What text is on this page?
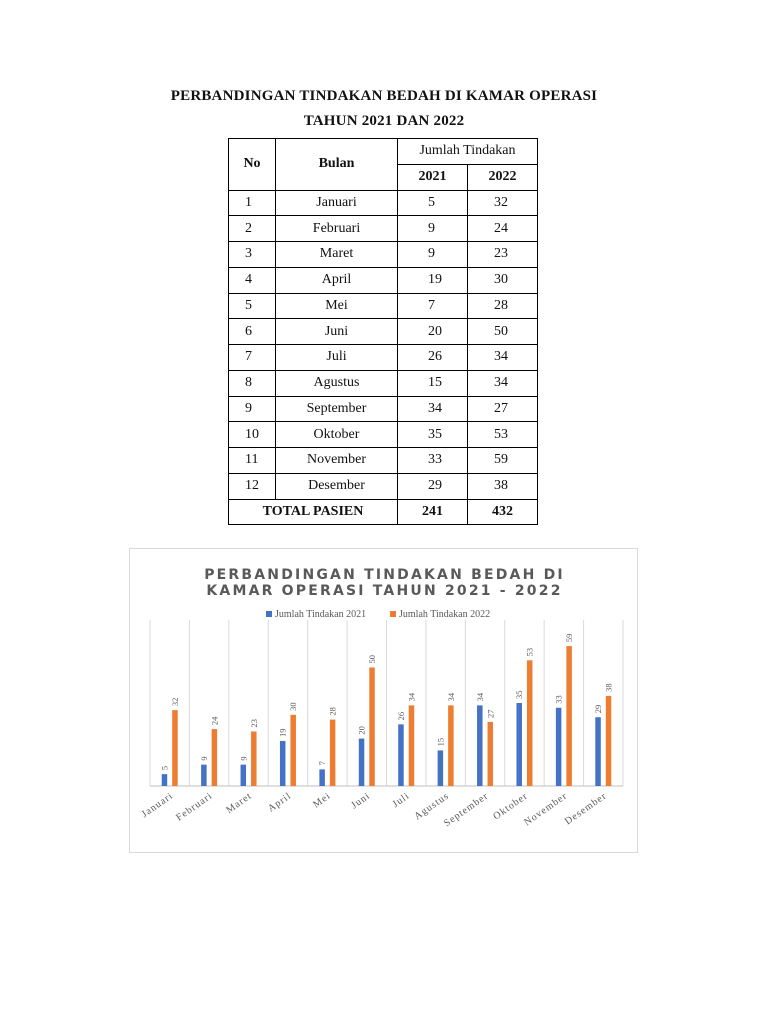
PERBANDINGAN TINDAKAN BEDAH DI KAMAR OPERASI
TAHUN 2021 DAN 2022
No	Bulan	Jumlah Tindakan	
		2021	2022
1	Januari	5	32
2	Februari	9	24
3	Maret	9	23
4	April	19	30
5	Mei	7	28
6	Juni	20	50
7	Juli	26	34
8	Agustus	15	34
9	September	34	27
10	Oktober	35	53
11	November	33	59
12	Desember	29	38
TOTAL PASIEN		241	432
PERBANDINGAN TINDAKAN BEDAH DI
KAMAR OPERASI TAHUN 2021 - 2022
Jumlah Tindakan 2021	Jumlah Tindakan 2022
5
32
Januari
9
24
Februari
9
23
Maret
19
30
April
7
28
Mei
20
50
Juni
26
34
Juli
15
34
Agustus
34
27
September
35
53
Oktober
33
59
November
29
38
Desember
